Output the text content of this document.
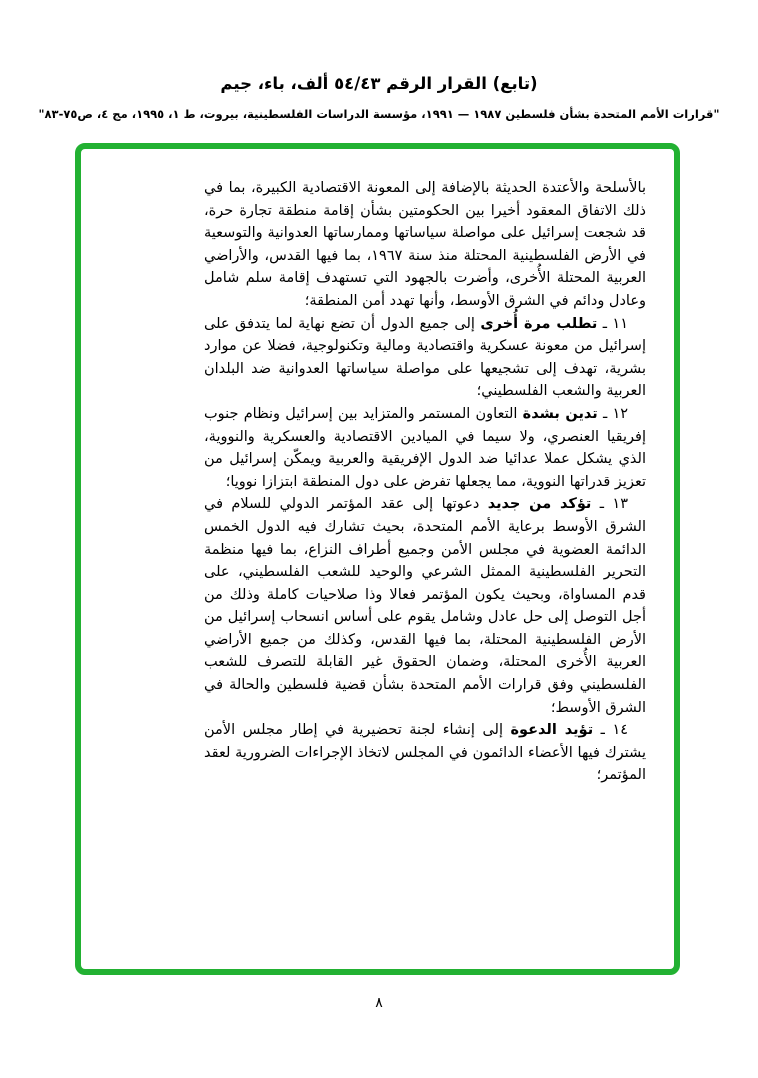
(تابع) القرار الرقم ٥٤/٤٣ ألف، باء، جيم
"قرارات الأمم المتحدة بشأن فلسطين ١٩٨٧ — ١٩٩١، مؤسسة الدراسات الفلسطينية، بيروت، ط ١، ١٩٩٥، مج ٤، ص٧٥-٨٣"

بالأسلحة والأعتدة الحديثة بالإضافة إلى المعونة الاقتصادية الكبيرة، بما في ذلك الاتفاق المعقود أخيرا بين الحكومتين بشأن إقامة منطقة تجارة حرة، قد شجعت إسرائيل على مواصلة سياساتها وممارساتها العدوانية والتوسعية في الأرض الفلسطينية المحتلة منذ سنة ١٩٦٧، بما فيها القدس، والأراضي العربية المحتلة الأُخرى، وأضرت بالجهود التي تستهدف إقامة سلم شامل وعادل ودائم في الشرق الأوسط، وأنها تهدد أمن المنطقة؛

١١ ـ تطلب مرة أُخرى إلى جميع الدول أن تضع نهاية لما يتدفق على إسرائيل من معونة عسكرية واقتصادية ومالية وتكنولوجية، فضلا عن موارد بشرية، تهدف إلى تشجيعها على مواصلة سياساتها العدوانية ضد البلدان العربية والشعب الفلسطيني؛

١٢ ـ تدين بشدة التعاون المستمر والمتزايد بين إسرائيل ونظام جنوب إفريقيا العنصري، ولا سيما في الميادين الاقتصادية والعسكرية والنووية، الذي يشكل عملا عدائيا ضد الدول الإفريقية والعربية ويمكّن إسرائيل من تعزيز قدراتها النووية، مما يجعلها تفرض على دول المنطقة ابتزازا نوويا؛

١٣ ـ تؤكد من جديد دعوتها إلى عقد المؤتمر الدولي للسلام في الشرق الأوسط برعاية الأمم المتحدة، بحيث تشارك فيه الدول الخمس الدائمة العضوية في مجلس الأمن وجميع أطراف النزاع، بما فيها منظمة التحرير الفلسطينية الممثل الشرعي والوحيد للشعب الفلسطيني، على قدم المساواة، وبحيث يكون المؤتمر فعالا وذا صلاحيات كاملة وذلك من أجل التوصل إلى حل عادل وشامل يقوم على أساس انسحاب إسرائيل من الأرض الفلسطينية المحتلة، بما فيها القدس، وكذلك من جميع الأراضي العربية الأُخرى المحتلة، وضمان الحقوق غير القابلة للتصرف للشعب الفلسطيني وفق قرارات الأمم المتحدة بشأن قضية فلسطين والحالة في الشرق الأوسط؛

١٤ ـ تؤيد الدعوة إلى إنشاء لجنة تحضيرية في إطار مجلس الأمن يشترك فيها الأعضاء الدائمون في المجلس لاتخاذ الإجراءات الضرورية لعقد المؤتمر؛

٨
